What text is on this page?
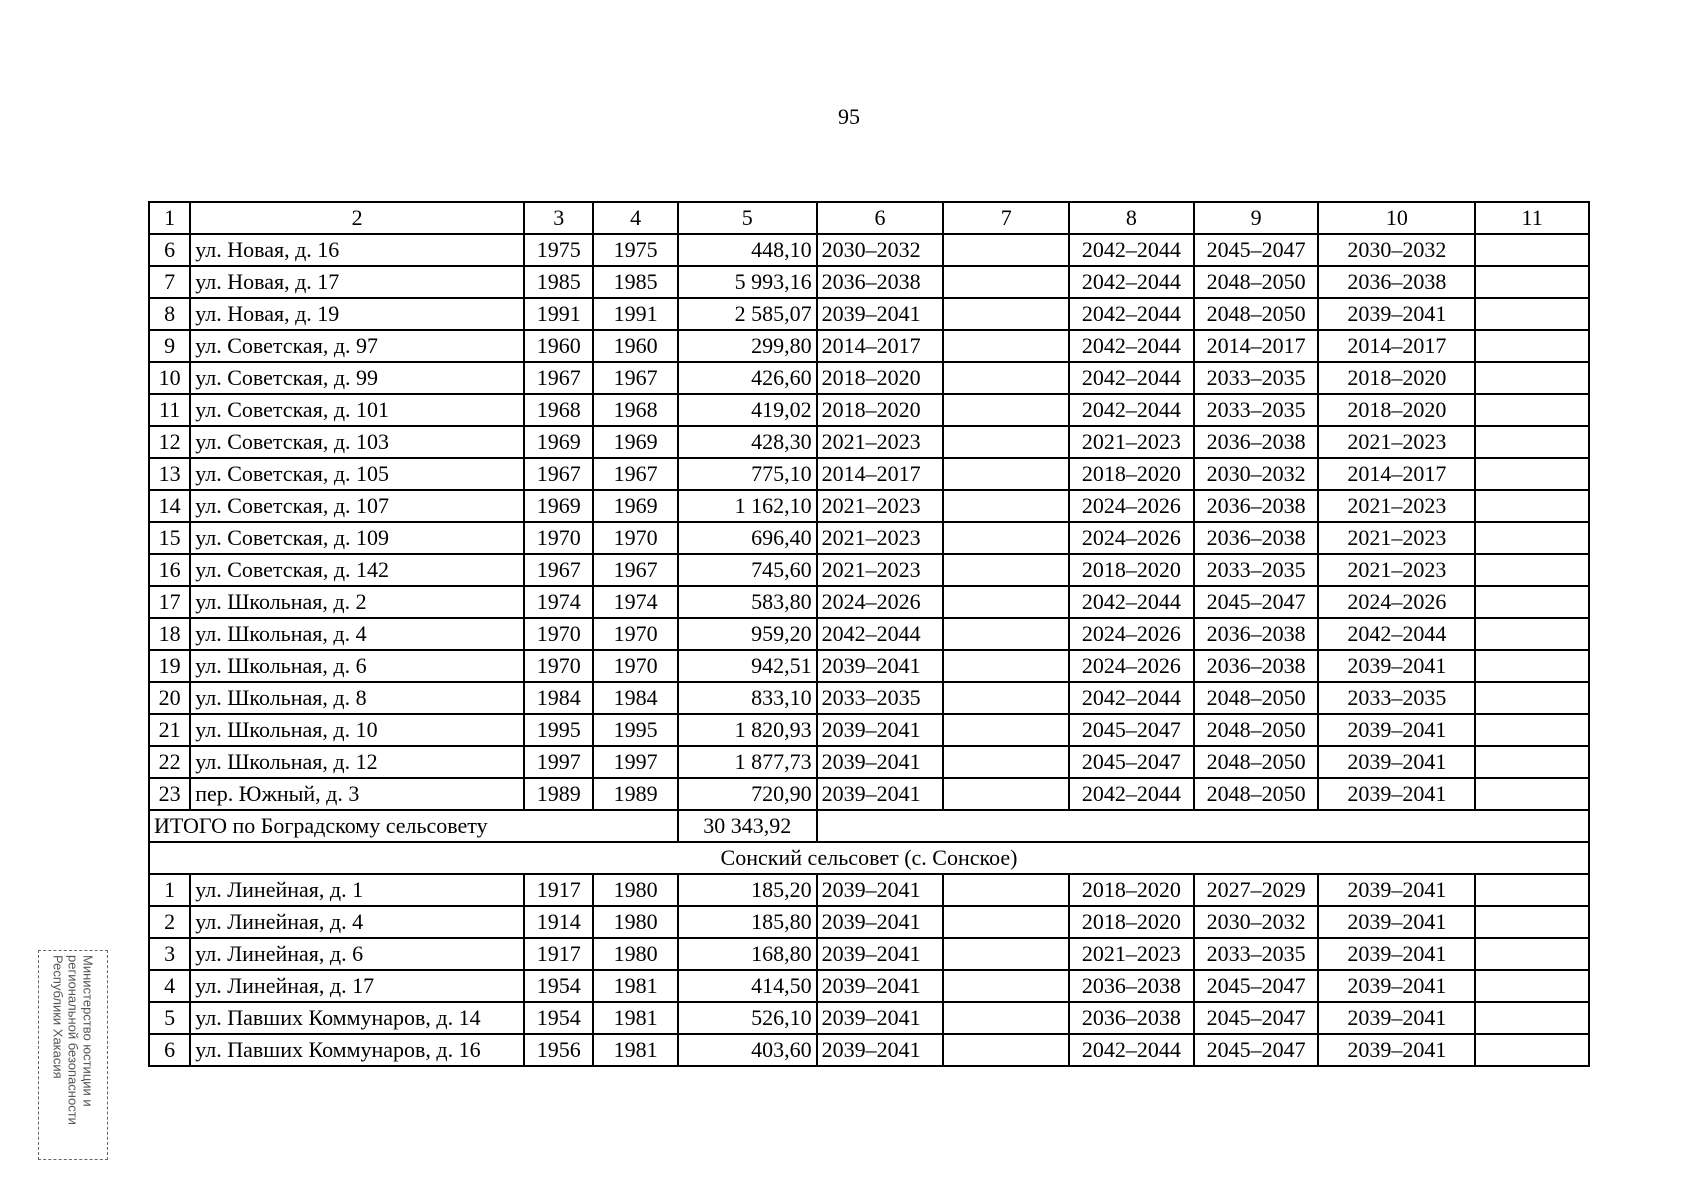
95
1	2	3	4	5	6	7	8	9	10	11
6	ул. Новая, д. 16	1975	1975	448,10	2030–2032		2042–2044	2045–2047	2030–2032	
7	ул. Новая, д. 17	1985	1985	5 993,16	2036–2038		2042–2044	2048–2050	2036–2038	
8	ул. Новая, д. 19	1991	1991	2 585,07	2039–2041		2042–2044	2048–2050	2039–2041	
9	ул. Советская, д. 97	1960	1960	299,80	2014–2017		2042–2044	2014–2017	2014–2017	
10	ул. Советская, д. 99	1967	1967	426,60	2018–2020		2042–2044	2033–2035	2018–2020	
11	ул. Советская, д. 101	1968	1968	419,02	2018–2020		2042–2044	2033–2035	2018–2020	
12	ул. Советская, д. 103	1969	1969	428,30	2021–2023		2021–2023	2036–2038	2021–2023	
13	ул. Советская, д. 105	1967	1967	775,10	2014–2017		2018–2020	2030–2032	2014–2017	
14	ул. Советская, д. 107	1969	1969	1 162,10	2021–2023		2024–2026	2036–2038	2021–2023	
15	ул. Советская, д. 109	1970	1970	696,40	2021–2023		2024–2026	2036–2038	2021–2023	
16	ул. Советская, д. 142	1967	1967	745,60	2021–2023		2018–2020	2033–2035	2021–2023	
17	ул. Школьная, д. 2	1974	1974	583,80	2024–2026		2042–2044	2045–2047	2024–2026	
18	ул. Школьная, д. 4	1970	1970	959,20	2042–2044		2024–2026	2036–2038	2042–2044	
19	ул. Школьная, д. 6	1970	1970	942,51	2039–2041		2024–2026	2036–2038	2039–2041	
20	ул. Школьная, д. 8	1984	1984	833,10	2033–2035		2042–2044	2048–2050	2033–2035	
21	ул. Школьная, д. 10	1995	1995	1 820,93	2039–2041		2045–2047	2048–2050	2039–2041	
22	ул. Школьная, д. 12	1997	1997	1 877,73	2039–2041		2045–2047	2048–2050	2039–2041	
23	пер. Южный, д. 3	1989	1989	720,90	2039–2041		2042–2044	2048–2050	2039–2041	
ИТОГО по Боградскому сельсовету				30 343,92						
Сонский сельсовет (с. Сонское)										
1	ул. Линейная, д. 1	1917	1980	185,20	2039–2041		2018–2020	2027–2029	2039–2041	
2	ул. Линейная, д. 4	1914	1980	185,80	2039–2041		2018–2020	2030–2032	2039–2041	
3	ул. Линейная, д. 6	1917	1980	168,80	2039–2041		2021–2023	2033–2035	2039–2041	
4	ул. Линейная, д. 17	1954	1981	414,50	2039–2041		2036–2038	2045–2047	2039–2041	
5	ул. Павших Коммунаров, д. 14	1954	1981	526,10	2039–2041		2036–2038	2045–2047	2039–2041	
6	ул. Павших Коммунаров, д. 16	1956	1981	403,60	2039–2041		2042–2044	2045–2047	2039–2041	
Министерство юстиции и
региональной безопасности
Республики Хакасия
